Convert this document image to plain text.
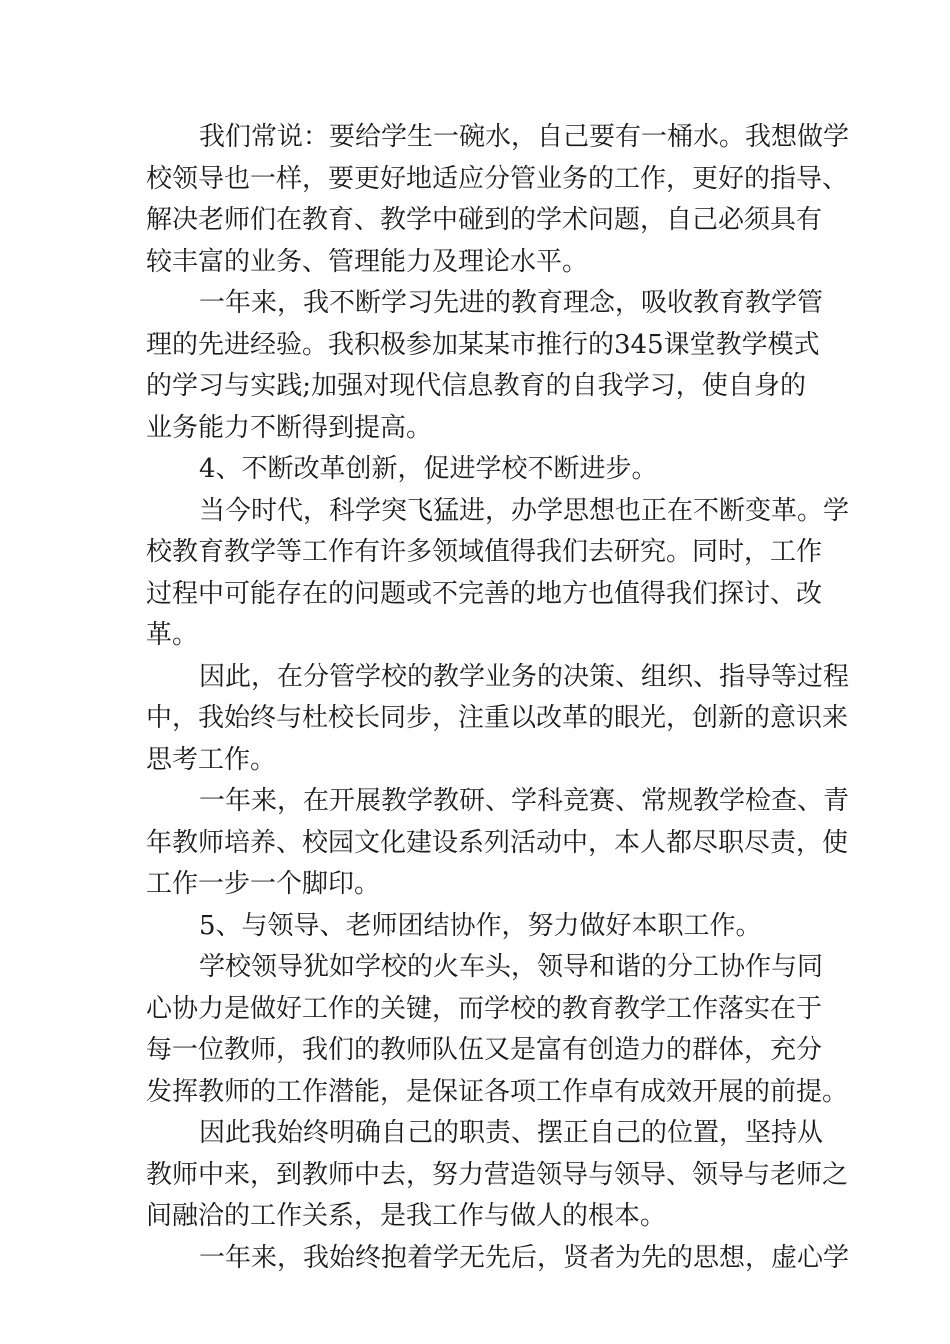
我们常说：要给学生一碗水，自己要有一桶水。我想做学
校领导也一样，要更好地适应分管业务的工作，更好的指导、
解决老师们在教育、教学中碰到的学术问题，自己必须具有
较丰富的业务、管理能力及理论水平。
一年来，我不断学习先进的教育理念，吸收教育教学管
理的先进经验。我积极参加某某市推行的345课堂教学模式
的学习与实践;加强对现代信息教育的自我学习，使自身的
业务能力不断得到提高。
4、不断改革创新，促进学校不断进步。
当今时代，科学突飞猛进，办学思想也正在不断变革。学
校教育教学等工作有许多领域值得我们去研究。同时，工作
过程中可能存在的问题或不完善的地方也值得我们探讨、改
革。
因此，在分管学校的教学业务的决策、组织、指导等过程
中，我始终与杜校长同步，注重以改革的眼光，创新的意识来
思考工作。
一年来，在开展教学教研、学科竞赛、常规教学检查、青
年教师培养、校园文化建设系列活动中，本人都尽职尽责，使
工作一步一个脚印。
5、与领导、老师团结协作，努力做好本职工作。
学校领导犹如学校的火车头，领导和谐的分工协作与同
心协力是做好工作的关键，而学校的教育教学工作落实在于
每一位教师，我们的教师队伍又是富有创造力的群体，充分
发挥教师的工作潜能，是保证各项工作卓有成效开展的前提。
因此我始终明确自己的职责、摆正自己的位置，坚持从
教师中来，到教师中去，努力营造领导与领导、领导与老师之
间融洽的工作关系，是我工作与做人的根本。
一年来，我始终抱着学无先后，贤者为先的思想，虚心学
